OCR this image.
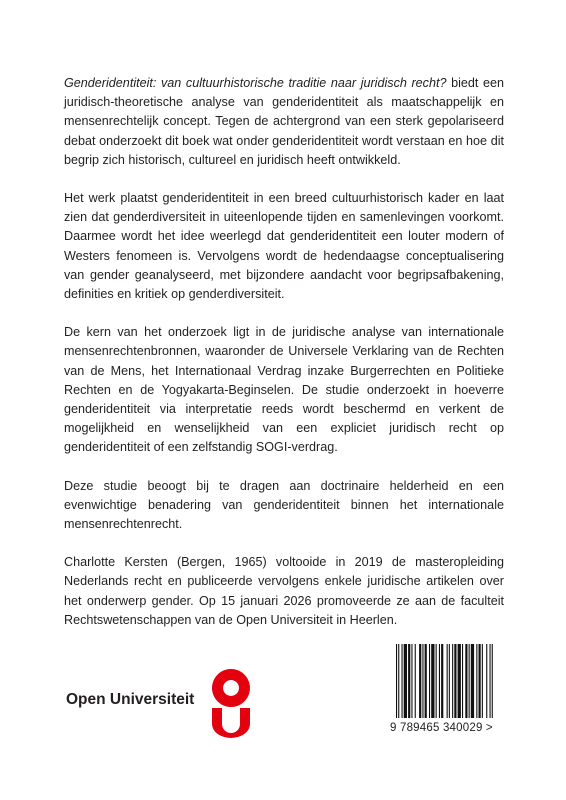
Genderidentiteit: van cultuurhistorische traditie naar juridisch recht? biedt een juridisch-theoretische analyse van genderidentiteit als maatschappelijk en mensenrechtelijk concept. Tegen de achtergrond van een sterk gepolariseerd debat onderzoekt dit boek wat onder genderidentiteit wordt verstaan en hoe dit begrip zich historisch, cultureel en juridisch heeft ontwikkeld.

Het werk plaatst genderidentiteit in een breed cultuurhistorisch kader en laat zien dat genderdiversiteit in uiteenlopende tijden en samenlevingen voorkomt. Daarmee wordt het idee weerlegd dat genderidentiteit een louter modern of Westers fenomeen is. Vervolgens wordt de hedendaagse conceptualisering van gender geanalyseerd, met bijzondere aandacht voor begripsafbakening, definities en kritiek op genderdiversiteit.

De kern van het onderzoek ligt in de juridische analyse van internationale mensenrechtenbronnen, waaronder de Universele Verklaring van de Rechten van de Mens, het Internationaal Verdrag inzake Burgerrechten en Politieke Rechten en de Yogyakarta-Beginselen. De studie onderzoekt in hoeverre genderidentiteit via interpretatie reeds wordt beschermd en verkent de mogelijkheid en wenselijkheid van een expliciet juridisch recht op genderidentiteit of een zelfstandig SOGI-verdrag.

Deze studie beoogt bij te dragen aan doctrinaire helderheid en een evenwichtige benadering van genderidentiteit binnen het internationale mensenrechtenrecht.

Charlotte Kersten (Bergen, 1965) voltooide in 2019 de masteropleiding Nederlands recht en publiceerde vervolgens enkele juridische artikelen over het onderwerp gender. Op 15 januari 2026 promoveerde ze aan de faculteit Rechtswetenschappen van de Open Universiteit in Heerlen.

Open Universiteit
9 789465 340029 >
